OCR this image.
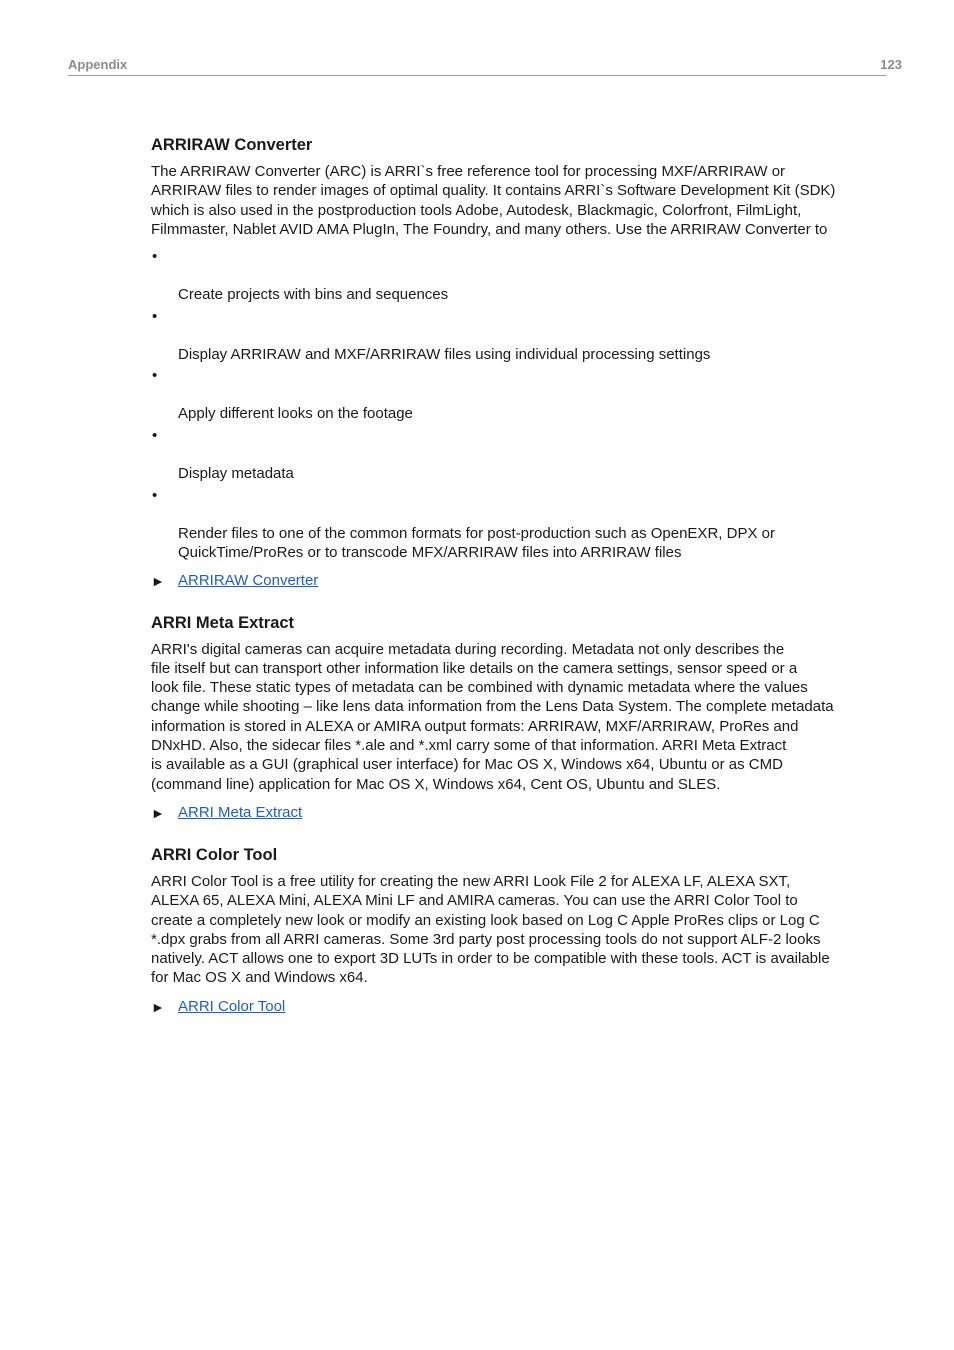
Appendix	123
ARRIRAW Converter

The ARRIRAW Converter (ARC) is ARRI`s free reference tool for processing MXF/ARRIRAW or
ARRIRAW files to render images of optimal quality. It contains ARRI`s Software Development Kit (SDK)
which is also used in the postproduction tools Adobe, Autodesk, Blackmagic, Colorfront, FilmLight,
Filmmaster, Nablet AVID AMA PlugIn, The Foundry, and many others. Use the ARRIRAW Converter to

•

Create projects with bins and sequences

•

Display ARRIRAW and MXF/ARRIRAW files using individual processing settings

•

Apply different looks on the footage

•

Display metadata

•

Render files to one of the common formats for post-production such as OpenEXR, DPX or
QuickTime/ProRes or to transcode MFX/ARRIRAW files into ARRIRAW files

► ARRIRAW Converter
ARRI Meta Extract

ARRI's digital cameras can acquire metadata during recording. Metadata not only describes the
file itself but can transport other information like details on the camera settings, sensor speed or a
look file. These static types of metadata can be combined with dynamic metadata where the values
change while shooting – like lens data information from the Lens Data System. The complete metadata
information is stored in ALEXA or AMIRA output formats: ARRIRAW, MXF/ARRIRAW, ProRes and
DNxHD. Also, the sidecar files *.ale and *.xml carry some of that information. ARRI Meta Extract
is available as a GUI (graphical user interface) for Mac OS X, Windows x64, Ubuntu or as CMD
(command line) application for Mac OS X, Windows x64, Cent OS, Ubuntu and SLES.

► ARRI Meta Extract
ARRI Color Tool

ARRI Color Tool is a free utility for creating the new ARRI Look File 2 for ALEXA LF, ALEXA SXT,
ALEXA 65, ALEXA Mini, ALEXA Mini LF and AMIRA cameras. You can use the ARRI Color Tool to
create a completely new look or modify an existing look based on Log C Apple ProRes clips or Log C
*.dpx grabs from all ARRI cameras. Some 3rd party post processing tools do not support ALF-2 looks
natively. ACT allows one to export 3D LUTs in order to be compatible with these tools. ACT is available
for Mac OS X and Windows x64.

► ARRI Color Tool
